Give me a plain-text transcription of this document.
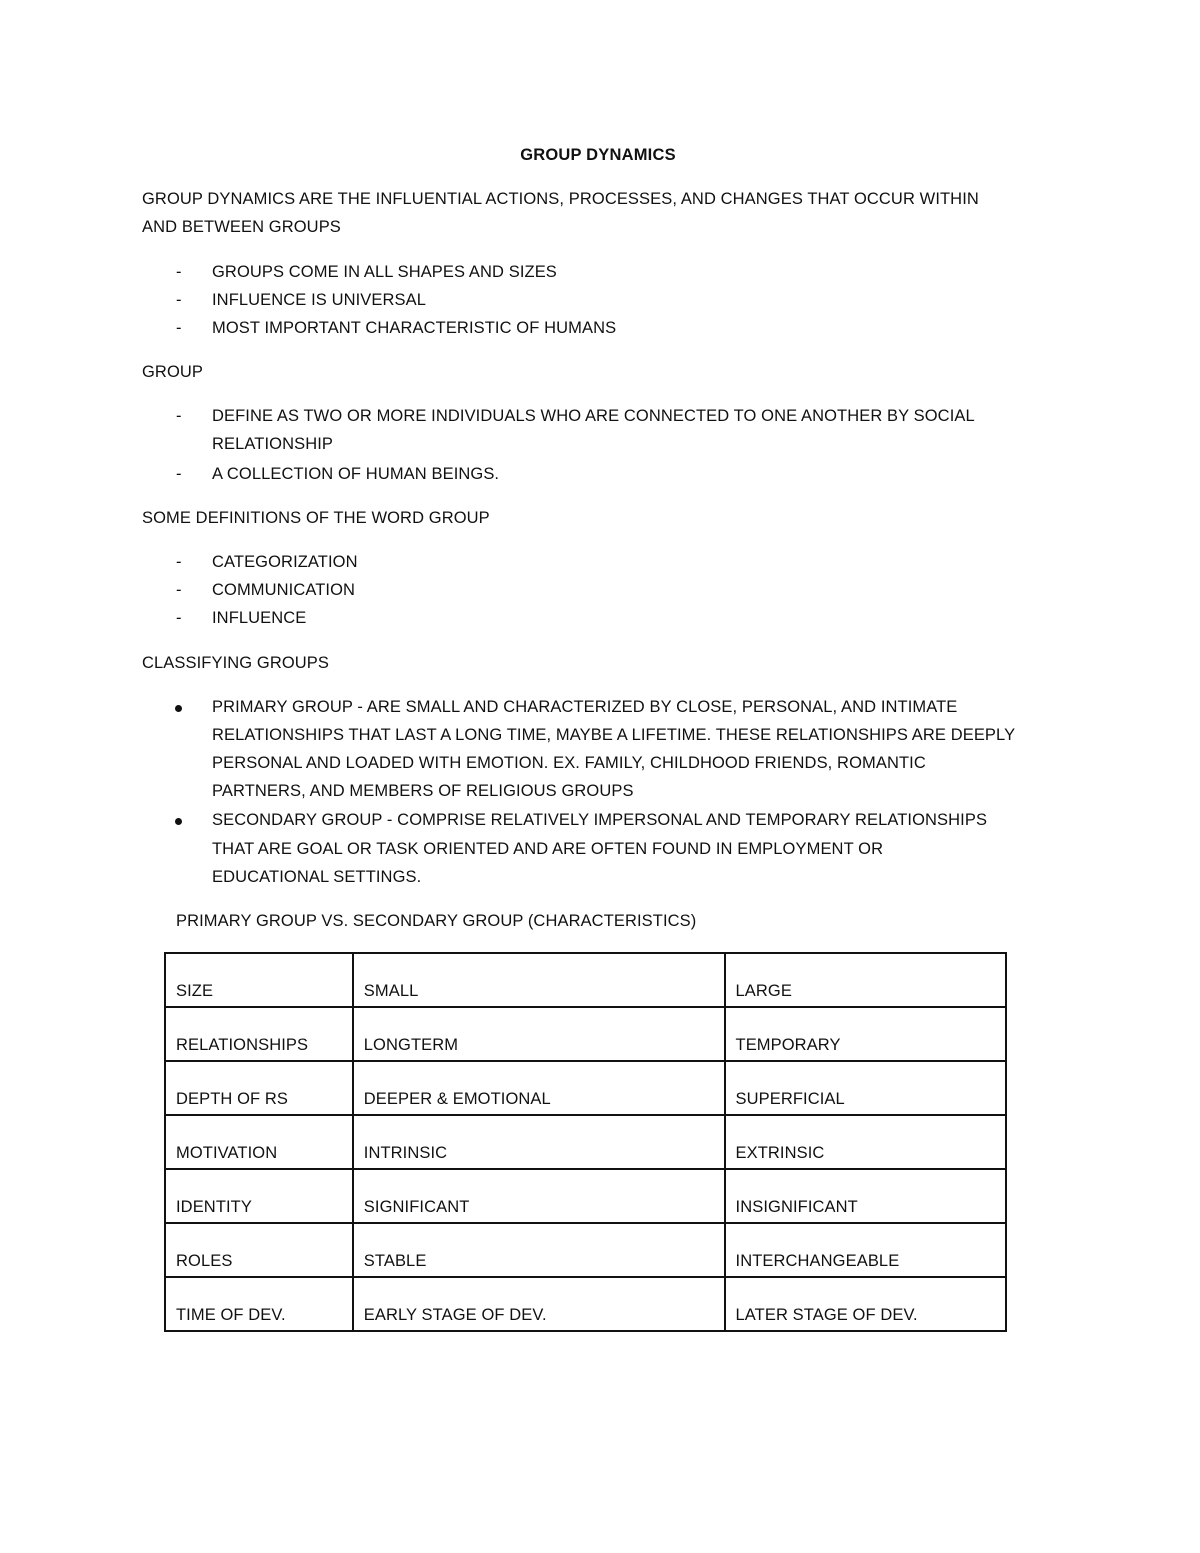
GROUP DYNAMICS
GROUP DYNAMICS ARE THE INFLUENTIAL ACTIONS, PROCESSES, AND CHANGES THAT OCCUR WITHIN
AND BETWEEN GROUPS
- GROUPS COME IN ALL SHAPES AND SIZES
- INFLUENCE IS UNIVERSAL
- MOST IMPORTANT CHARACTERISTIC OF HUMANS
GROUP
- DEFINE AS TWO OR MORE INDIVIDUALS WHO ARE CONNECTED TO ONE ANOTHER BY SOCIAL
RELATIONSHIP
- A COLLECTION OF HUMAN BEINGS.
SOME DEFINITIONS OF THE WORD GROUP
- CATEGORIZATION
- COMMUNICATION
- INFLUENCE
CLASSIFYING GROUPS
PRIMARY GROUP - ARE SMALL AND CHARACTERIZED BY CLOSE, PERSONAL, AND INTIMATE
RELATIONSHIPS THAT LAST A LONG TIME, MAYBE A LIFETIME. THESE RELATIONSHIPS ARE DEEPLY
PERSONAL AND LOADED WITH EMOTION. EX. FAMILY, CHILDHOOD FRIENDS, ROMANTIC
PARTNERS, AND MEMBERS OF RELIGIOUS GROUPS
SECONDARY GROUP - COMPRISE RELATIVELY IMPERSONAL AND TEMPORARY RELATIONSHIPS
THAT ARE GOAL OR TASK ORIENTED AND ARE OFTEN FOUND IN EMPLOYMENT OR
EDUCATIONAL SETTINGS.
PRIMARY GROUP VS. SECONDARY GROUP (CHARACTERISTICS)
SIZE	SMALL	LARGE
RELATIONSHIPS	LONGTERM	TEMPORARY
DEPTH OF RS	DEEPER & EMOTIONAL	SUPERFICIAL
MOTIVATION	INTRINSIC	EXTRINSIC
IDENTITY	SIGNIFICANT	INSIGNIFICANT
ROLES	STABLE	INTERCHANGEABLE
TIME OF DEV.	EARLY STAGE OF DEV.	LATER STAGE OF DEV.
